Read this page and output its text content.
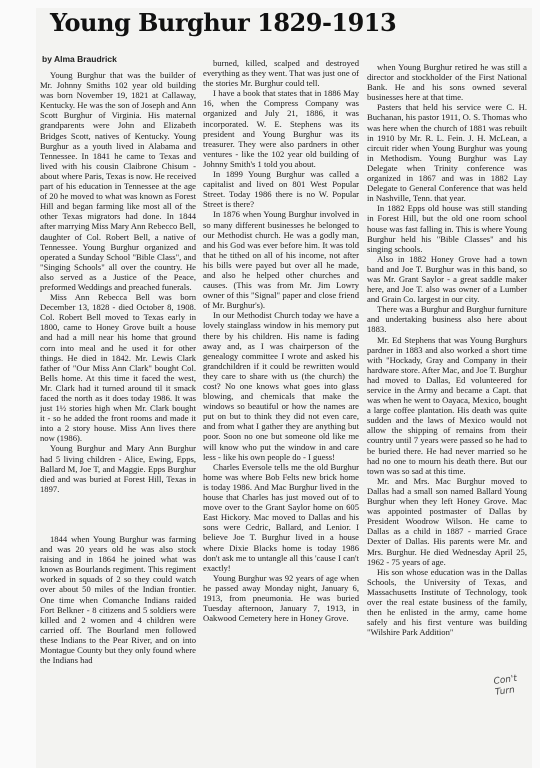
Young Burghur 1829-1913
by Alma Braudrick

Young Burghur that was the builder of Mr. Johnny Smiths 102 year old building was born November 19, 1821 at Callaway, Kentucky. He was the son of Joseph and Ann Scott Burghur of Virginia. His maternal grandparents were John and Elizabeth Bridges Scott, natives of Kentucky. Young Burghur as a youth lived in Alabama and Tennessee. In 1841 he came to Texas and lived with his cousin Claibrone Chisum - about where Paris, Texas is now. He received part of his education in Tennessee at the age of 20 he moved to what was known as Forest Hill and began farming like most all of the other Texas migrators had done. In 1844 after marrying Miss Mary Ann Rebecco Bell, daughter of Col. Robert Bell, a native of Tennessee. Young Burghur organized and operated a Sunday School "Bible Class", and "Singing Schools" all over the country. He also served as a Justice of the Peace, preformed Weddings and preached funerals.

Miss Ann Rebecca Bell was born December 13, 1828 - died October 8, 1908. Col. Robert Bell moved to Texas early in 1800, came to Honey Grove built a house and had a mill near his home that ground corn into meal and he used it for other things. He died in 1842. Mr. Lewis Clark father of "Our Miss Ann Clark" bought Col. Bells home. At this time it faced the west, Mr. Clark had it turned around til it smack faced the north as it does today 1986. It was just 1½ stories high when Mr. Clark bought it - so he added the front rooms and made it into a 2 story house. Miss Ann lives there now (1986).

Young Burghur and Mary Ann Burghur had 5 living children - Alice, Ewing, Epps, Ballard M, Joe T, and Maggie. Epps Burghur died and was buried at Forest Hill, Texas in 1897.

1844 when Young Burghur was farming and was 20 years old he was also stock raising and in 1864 he joined what was known as Bourlands regiment. This regiment worked in squads of 2 so they could watch over about 50 miles of the Indian frontier. One time when Comanche Indians raided Fort Belkner - 8 citizens and 5 soldiers were killed and 2 women and 4 children were carried off. The Bourland men followed these Indians to the Pear River, and on into Montague County but they only found where the Indians had

burned, killed, scalped and destroyed everything as they went. That was just one of the stories Mr. Burghur could tell.

I have a book that states that in 1886 May 16, when the Compress Company was organized and July 21, 1886, it was incorporated. W. E. Stephens was its president and Young Burghur was its treasurer. They were also pardners in other ventures - like the 102 year old building of Johnny Smith's 1 told you about.

In 1899 Young Burghur was called a capitalist and lived on 801 West Popular Street. Today 1986 there is no W. Popular Street is there?

In 1876 when Young Burghur involved in so many different businesses he belonged to our Methodist church. He was a godly man, and his God was ever before him. It was told that he tithed on all of his income, not after his bills were payed but over all he made, and also he helped other churches and causes. (This was from Mr. Jim Lowry owner of this "Signal" paper and close friend of Mr. Burghur's).

In our Methodist Church today we have a lovely stainglass window in his memory put there by his children. His name is fading away and, as I was chairperson of the genealogy committee I wrote and asked his grandchildren if it could be rewritten would they care to share with us (the church) the cost? No one knows what goes into glass blowing, and chemicals that make the windows so beautiful or how the names are put on but to think they did not even care, and from what I gather they are anything but poor. Soon no one but someone old like me will know who put the window in and care less - like his own people do - I guess!

Charles Eversole tells me the old Burghur home was where Bob Felts new brick home is today 1986. And Mac Burghur lived in the house that Charles has just moved out of to move over to the Grant Saylor home on 605 East Hickory. Mac moved to Dallas and his sons were Cedric, Ballard, and Lenior. I believe Joe T. Burghur lived in a house where Dixie Blacks home is today 1986 don't ask me to untangle all this 'cause I can't exactly!

Young Burghur was 92 years of age when he passed away Monday night, January 6, 1913, from pneumonia. He was buried Tuesday afternoon, January 7, 1913, in Oakwood Cemetery here in Honey Grove.

when Young Burghur retired he was still a director and stockholder of the First National Bank. He and his sons owned several businesses here at that time.

Pasters that held his service were C. H. Buchanan, his pastor 1911, O. S. Thomas who was here when the church of 1881 was rebuilt in 1910 by Mr. R. L. Fein. J. H. McLean, a circuit rider when Young Burghur was young in Methodism. Young Burghur was Lay Delegate when Trinity conference was organized in 1867 and was in 1882 Lay Delegate to General Conference that was held in Nashville, Tenn. that year.

In 1882 Epps old house was still standing in Forest Hill, but the old one room school house was fast falling in. This is where Young Burghur held his "Bible Classes" and his singing schools.

Also in 1882 Honey Grove had a town band and Joe T. Burghur was in this band, so was Mr. Grant Saylor - a great saddle maker here, and Joe T. also was owner of a Lumber and Grain Co. largest in our city.

There was a Burghur and Burghur furniture and undertaking business also here about 1883.

Mr. Ed Stephens that was Young Burghurs pardner in 1883 and also worked a short time with "Hockady, Gray and Company in their hardware store. After Mac, and Joe T. Burghur had moved to Dallas, Ed volunteered for service in the Army and became a Capt. that was when he went to Oayaca, Mexico, bought a large coffee plantation. His death was quite sudden and the laws of Mexico would not allow the shipping of remains from their country until 7 years were passed so he had to be buried there. He had never married so he had no one to mourn his death there. But our town was so sad at this time.

Mr. and Mrs. Mac Burghur moved to Dallas had a small son named Ballard Young Burghur when they left Honey Grove. Mac was appointed postmaster of Dallas by President Woodrow Wilson. He came to Dallas as a child in 1887 - married Grace Dexter of Dallas. His parents were Mr. and Mrs. Burghur. He died Wednesday April 25, 1962 - 75 years of age.

His son whose education was in the Dallas Schools, the University of Texas, and Massachusetts Institute of Technology, took over the real estate business of the family, then he enlisted in the army, came home safely and his first venture was building "Wilshire Park Addition"

Con't Turn
